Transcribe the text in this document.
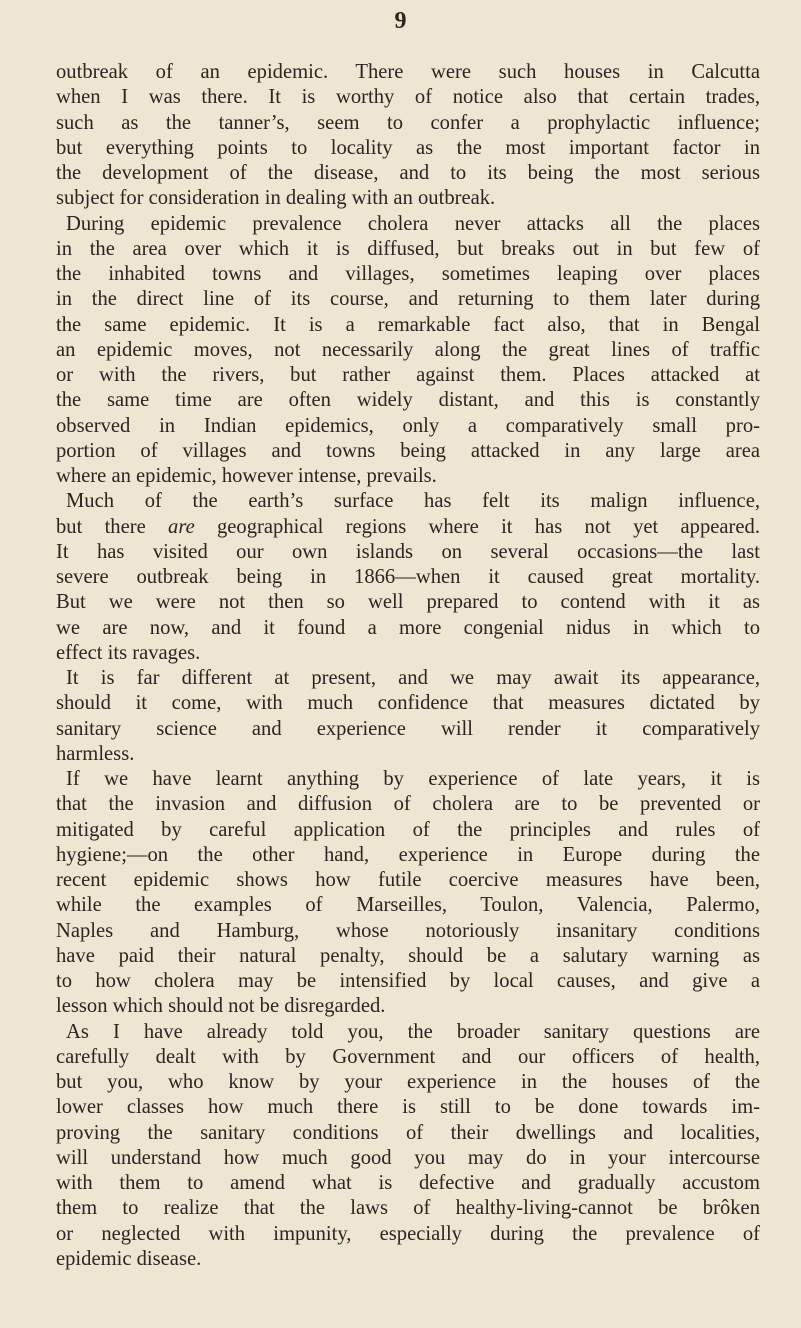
9
outbreak of an epidemic. There were such houses in Calcutta
when I was there. It is worthy of notice also that certain trades,
such as the tanner’s, seem to confer a prophylactic influence;
but everything points to locality as the most important factor in
the development of the disease, and to its being the most serious
subject for consideration in dealing with an outbreak.
During epidemic prevalence cholera never attacks all the places
in the area over which it is diffused, but breaks out in but few of
the inhabited towns and villages, sometimes leaping over places
in the direct line of its course, and returning to them later during
the same epidemic. It is a remarkable fact also, that in Bengal
an epidemic moves, not necessarily along the great lines of traffic
or with the rivers, but rather against them. Places attacked at
the same time are often widely distant, and this is constantly
observed in Indian epidemics, only a comparatively small pro-
portion of villages and towns being attacked in any large area
where an epidemic, however intense, prevails.
Much of the earth’s surface has felt its malign influence,
but there are geographical regions where it has not yet appeared.
It has visited our own islands on several occasions—the last
severe outbreak being in 1866—when it caused great mortality.
But we were not then so well prepared to contend with it as
we are now, and it found a more congenial nidus in which to
effect its ravages.
It is far different at present, and we may await its appearance,
should it come, with much confidence that measures dictated by
sanitary science and experience will render it comparatively
harmless.
If we have learnt anything by experience of late years, it is
that the invasion and diffusion of cholera are to be prevented or
mitigated by careful application of the principles and rules of
hygiene;—on the other hand, experience in Europe during the
recent epidemic shows how futile coercive measures have been,
while the examples of Marseilles, Toulon, Valencia, Palermo,
Naples and Hamburg, whose notoriously insanitary conditions
have paid their natural penalty, should be a salutary warning as
to how cholera may be intensified by local causes, and give a
lesson which should not be disregarded.
As I have already told you, the broader sanitary questions are
carefully dealt with by Government and our officers of health,
but you, who know by your experience in the houses of the
lower classes how much there is still to be done towards im-
proving the sanitary conditions of their dwellings and localities,
will understand how much good you may do in your intercourse
with them to amend what is defective and gradually accustom
them to realize that the laws of healthy-living-cannot be brôken
or neglected with impunity, especially during the prevalence of
epidemic disease.
